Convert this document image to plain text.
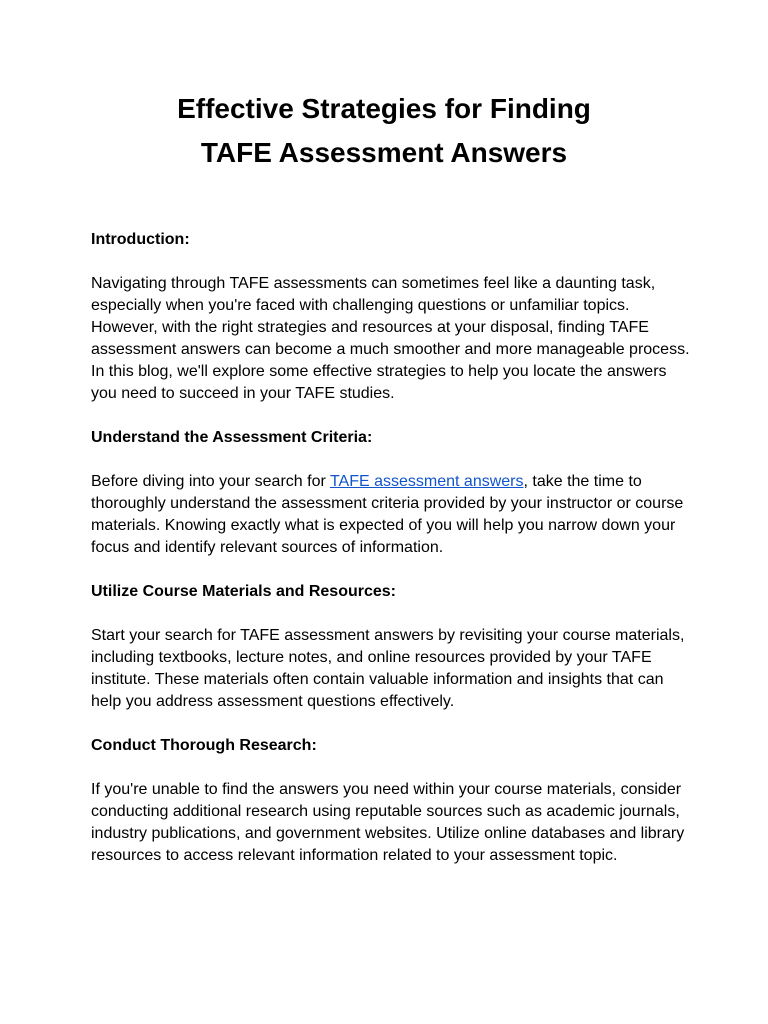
Effective Strategies for Finding
TAFE Assessment Answers
Introduction:

Navigating through TAFE assessments can sometimes feel like a daunting task, especially when you're faced with challenging questions or unfamiliar topics. However, with the right strategies and resources at your disposal, finding TAFE assessment answers can become a much smoother and more manageable process. In this blog, we'll explore some effective strategies to help you locate the answers you need to succeed in your TAFE studies.

Understand the Assessment Criteria:

Before diving into your search for TAFE assessment answers, take the time to thoroughly understand the assessment criteria provided by your instructor or course materials. Knowing exactly what is expected of you will help you narrow down your focus and identify relevant sources of information.

Utilize Course Materials and Resources:

Start your search for TAFE assessment answers by revisiting your course materials, including textbooks, lecture notes, and online resources provided by your TAFE institute. These materials often contain valuable information and insights that can help you address assessment questions effectively.

Conduct Thorough Research:

If you're unable to find the answers you need within your course materials, consider conducting additional research using reputable sources such as academic journals, industry publications, and government websites. Utilize online databases and library resources to access relevant information related to your assessment topic.
